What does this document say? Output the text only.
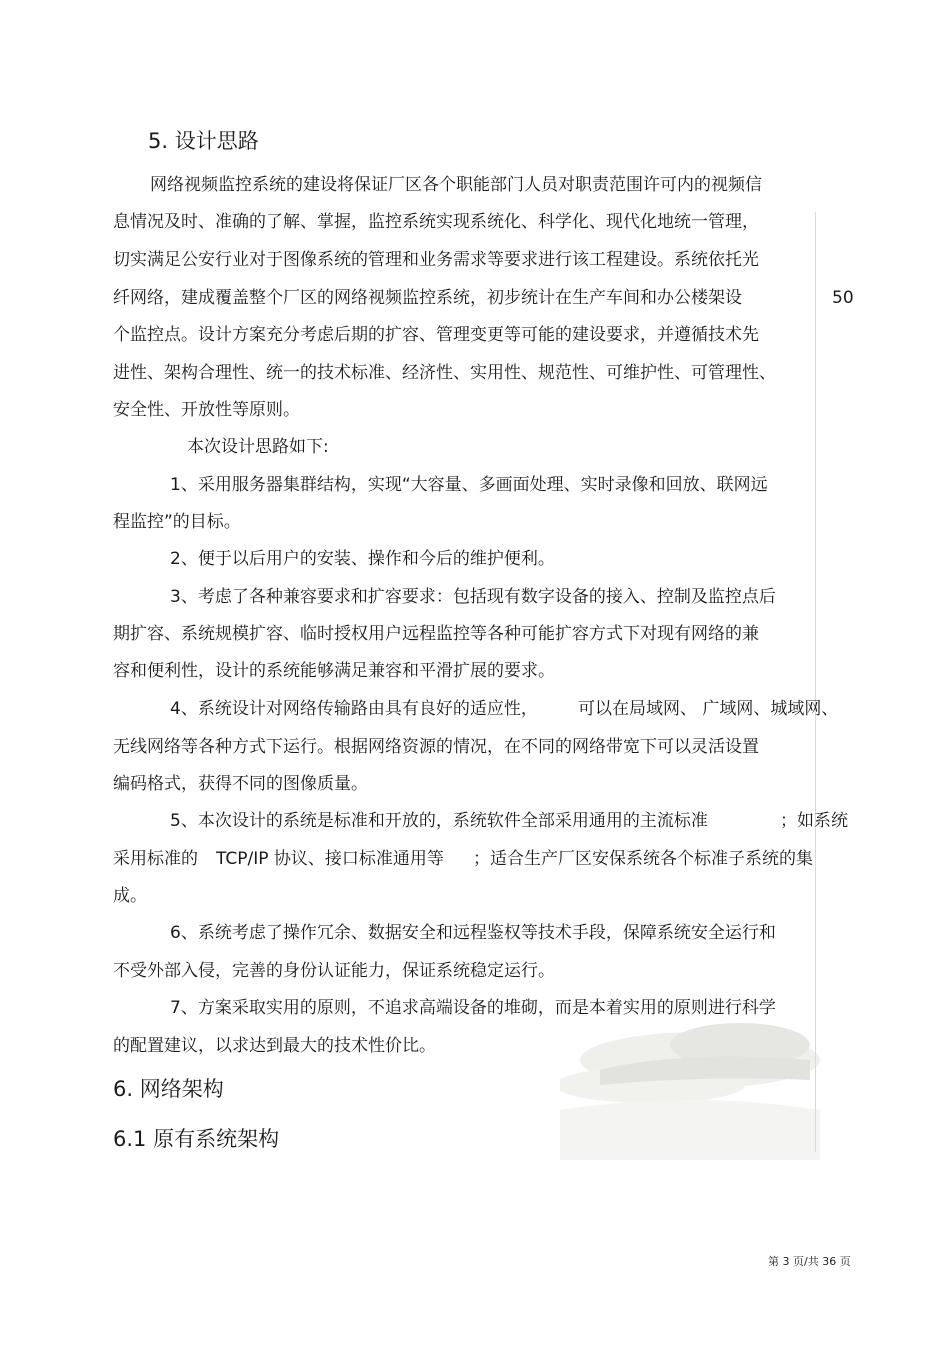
5. 设计思路
网络视频监控系统的建设将保证厂区各个职能部门人员对职责范围许可内的视频信
息情况及时、准确的了解、掌握，监控系统实现系统化、科学化、现代化地统一管理，
切实满足公安行业对于图像系统的管理和业务需求等要求进行该工程建设。系统依托光
纤网络，建成覆盖整个厂区的网络视频监控系统，初步统计在生产车间和办公楼架设	50
个监控点。设计方案充分考虑后期的扩容、管理变更等可能的建设要求，并遵循技术先
进性、架构合理性、统一的技术标准、经济性、实用性、规范性、可维护性、可管理性、
安全性、开放性等原则。
本次设计思路如下:
1、采用服务器集群结构，实现“大容量、多画面处理、实时录像和回放、联网远
程监控”的目标。
2、便于以后用户的安装、操作和今后的维护便利。
3、考虑了各种兼容要求和扩容要求：包括现有数字设备的接入、控制及监控点后
期扩容、系统规模扩容、临时授权用户远程监控等各种可能扩容方式下对现有网络的兼
容和便利性，设计的系统能够满足兼容和平滑扩展的要求。
4、系统设计对网络传输路由具有良好的适应性， 可以在局域网、 广域网、城域网、
无线网络等各种方式下运行。根据网络资源的情况，在不同的网络带宽下可以灵活设置
编码格式，获得不同的图像质量。
5、本次设计的系统是标准和开放的，系统软件全部采用通用的主流标准	；如系统
采用标准的 TCP/IP 协议、接口标准通用等 ；适合生产厂区安保系统各个标准子系统的集
成。
6、系统考虑了操作冗余、数据安全和远程鉴权等技术手段，保障系统安全运行和
不受外部入侵，完善的身份认证能力，保证系统稳定运行。
7、方案采取实用的原则，不追求高端设备的堆砌，而是本着实用的原则进行科学
的配置建议，以求达到最大的技术性价比。
6. 网络架构
6.1 原有系统架构
第 3 页/共 36 页
